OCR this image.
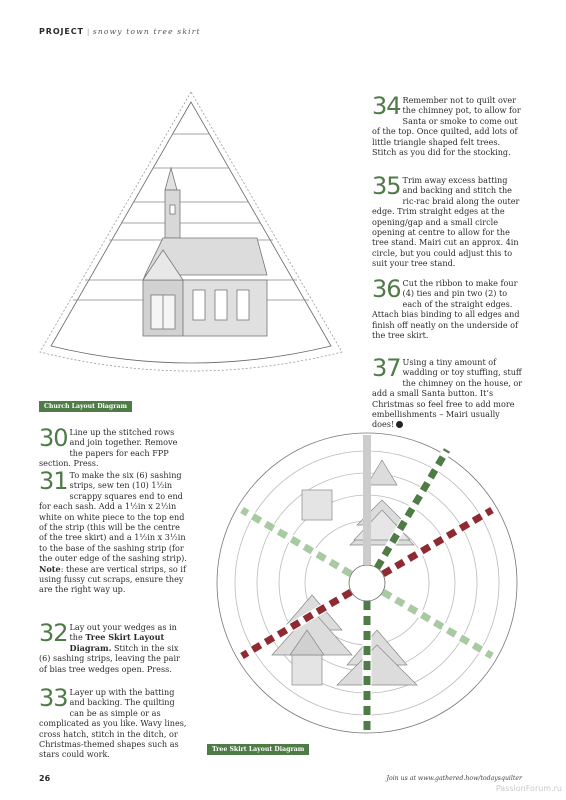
PROJECT | snowy town tree skirt
Church Layout Diagram
Tree Skirt Layout Diagram
30 Line up the stitched rows and join together. Remove the papers for each FPP section. Press.
31 To make the six (6) sashing strips, sew ten (10) 1½in scrappy squares end to end for each sash. Add a 1½in x 2½in white on white piece to the top end of the strip (this will be the centre of the tree skirt) and a 1½in x 3½in to the base of the sashing strip (for the outer edge of the sashing strip). Note: these are vertical strips, so if using fussy cut scraps, ensure they are the right way up.
32 Lay out your wedges as in the Tree Skirt Layout Diagram. Stitch in the six (6) sashing strips, leaving the pair of bias tree wedges open. Press.
33 Layer up with the batting and backing. The quilting can be as simple or as complicated as you like. Wavy lines, cross hatch, stitch in the ditch, or Christmas-themed shapes such as stars could work.
34 Remember not to quilt over the chimney pot, to allow for Santa or smoke to come out of the top. Once quilted, add lots of little triangle shaped felt trees. Stitch as you did for the stocking.
35 Trim away excess batting and backing and stitch the ric-rac braid along the outer edge. Trim straight edges at the opening/gap and a small circle opening at centre to allow for the tree stand. Mairi cut an approx. 4in circle, but you could adjust this to suit your tree stand.
36 Cut the ribbon to make four (4) ties and pin two (2) to each of the straight edges. Attach bias binding to all edges and finish off neatly on the underside of the tree skirt.
37 Using a tiny amount of wadding or toy stuffing, stuff the chimney on the house, or add a small Santa button. It’s Christmas so feel free to add more embellishments – Mairi usually does!
26	Join us at www.gathered.how/todaysquilter
PassionForum.ru
